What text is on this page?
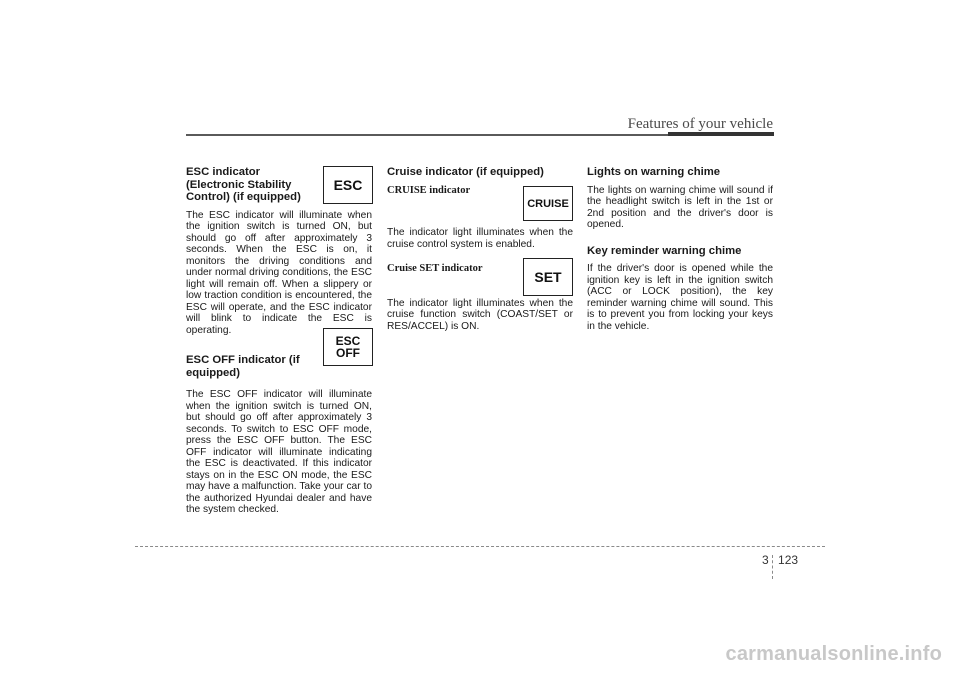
Features of your vehicle
ESC indicator (Electronic Stability Control) (if equipped)

The ESC indicator will illuminate when the ignition switch is turned ON, but should go off after approximately 3 seconds. When the ESC is on, it monitors the driving conditions and under normal driving conditions, the ESC light will remain off. When a slippery or low traction condition is encountered, the ESC will operate, and the ESC indicator will blink to indicate the ESC is operating.

ESC OFF indicator (if equipped)

The ESC OFF indicator will illuminate when the ignition switch is turned ON, but should go off after approximately 3 seconds. To switch to ESC OFF mode, press the ESC OFF button. The ESC OFF indicator will illuminate indicating the ESC is deactivated. If this indicator stays on in the ESC ON mode, the ESC may have a malfunction. Take your car to the authorized Hyundai dealer and have the system checked.

ESC
ESC
OFF
Cruise indicator (if equipped)

CRUISE indicator

The indicator light illuminates when the cruise control system is enabled.

Cruise SET indicator

The indicator light illuminates when the cruise function switch (COAST/SET or RES/ACCEL) is ON.

CRUISE
SET
Lights on warning chime

The lights on warning chime will sound if the headlight switch is left in the 1st or 2nd position and the driver's door is opened.

Key reminder warning chime

If the driver's door is opened while the ignition key is left in the ignition switch (ACC or LOCK position), the key reminder warning chime will sound. This is to prevent you from locking your keys in the vehicle.

3 123
carmanualsonline.info
